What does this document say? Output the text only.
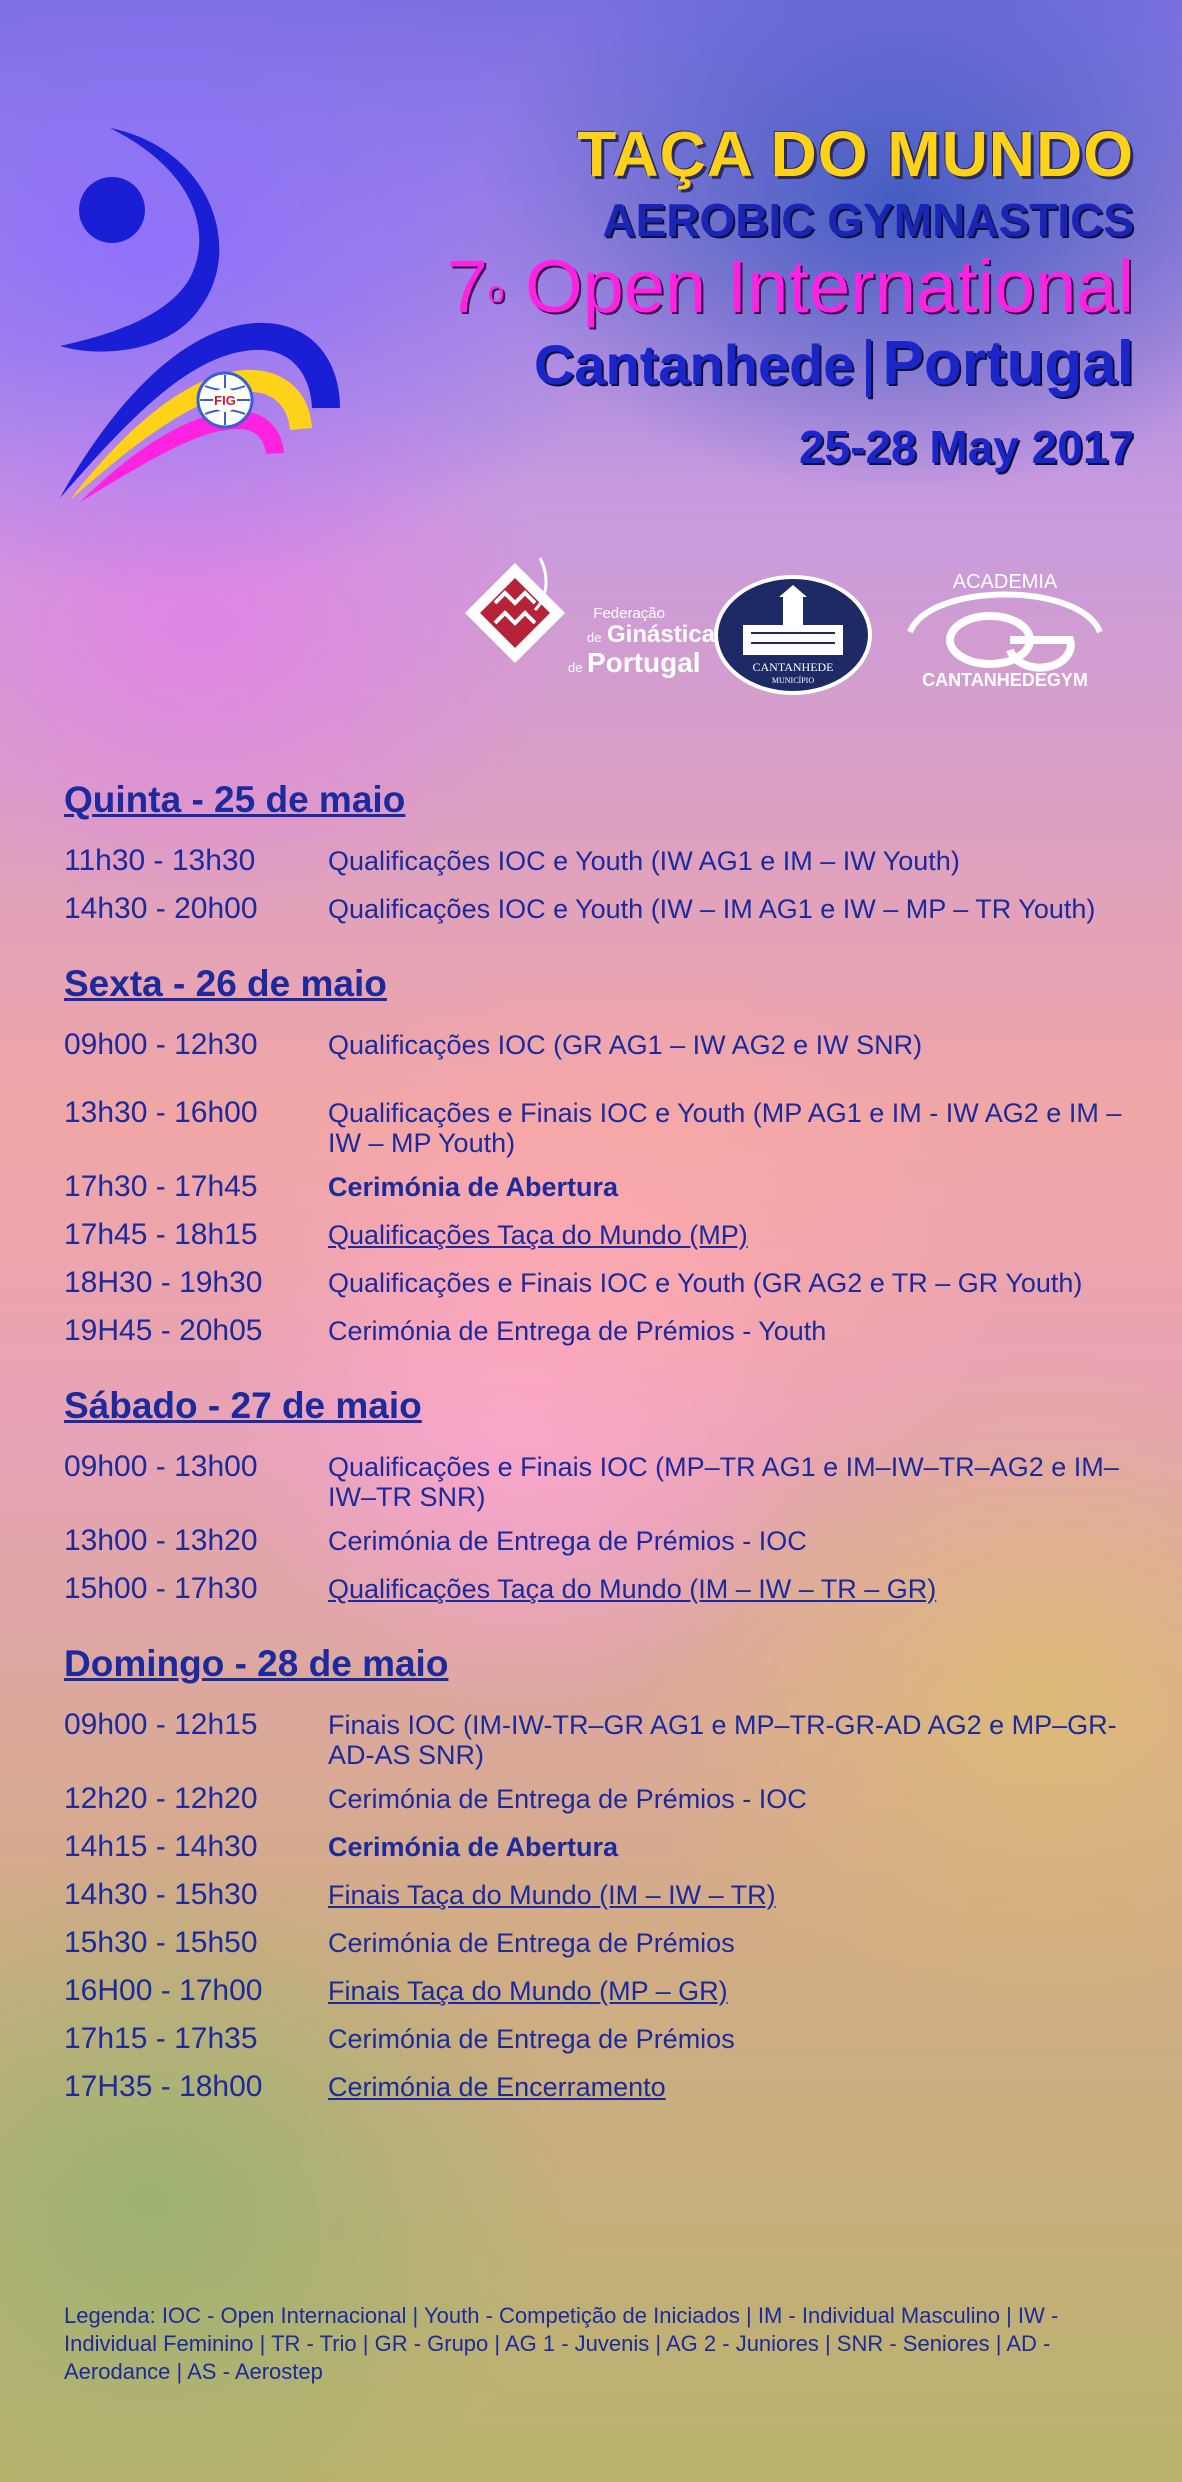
FIG
TAÇA DO MUNDO
AEROBIC GYMNASTICS
7$^o$ Open International
Cantanhede|Portugal
25-28 May 2017
Federação
de Ginástica
de Portugal	CANTANHEDE
MUNICÍPIO
ACADEMIA
CANTANHEDEGYM
Quinta - 25 de maio
11h30 - 13h30	Qualificações IOC e Youth (IW AG1 e IM – IW Youth)
14h30 - 20h00	Qualificações IOC e Youth (IW – IM AG1 e IW – MP – TR Youth)
Sexta - 26 de maio
09h00 - 12h30	Qualificações IOC (GR AG1 – IW AG2 e IW SNR)
13h30 - 16h00	Qualificações e Finais IOC e Youth (MP AG1 e IM - IW AG2 e IM – IW – MP Youth)
17h30 - 17h45	Cerimónia de Abertura
17h45 - 18h15	Qualificações Taça do Mundo (MP)
18H30 - 19h30	Qualificações e Finais IOC e Youth (GR AG2 e TR – GR Youth)
19H45 - 20h05	Cerimónia de Entrega de Prémios - Youth
Sábado - 27 de maio
09h00 - 13h00	Qualificações e Finais IOC (MP–TR AG1 e IM–IW–TR–AG2 e IM–IW–TR SNR)
13h00 - 13h20	Cerimónia de Entrega de Prémios - IOC
15h00 - 17h30	Qualificações Taça do Mundo (IM – IW – TR – GR)
Domingo - 28 de maio
09h00 - 12h15	Finais IOC (IM-IW-TR–GR AG1 e MP–TR-GR-AD AG2 e MP–GR-AD-AS SNR)
12h20 - 12h20	Cerimónia de Entrega de Prémios - IOC
14h15 - 14h30	Cerimónia de Abertura
14h30 - 15h30	Finais Taça do Mundo (IM – IW – TR)
15h30 - 15h50	Cerimónia de Entrega de Prémios
16H00 - 17h00	Finais Taça do Mundo (MP – GR)
17h15 - 17h35	Cerimónia de Entrega de Prémios
17H35 - 18h00	Cerimónia de Encerramento
Legenda: IOC - Open Internacional | Youth - Competição de Iniciados | IM - Individual Masculino | IW - Individual Feminino | TR - Trio | GR - Grupo | AG 1 - Juvenis | AG 2 - Juniores | SNR - Seniores | AD - Aerodance | AS - Aerostep
